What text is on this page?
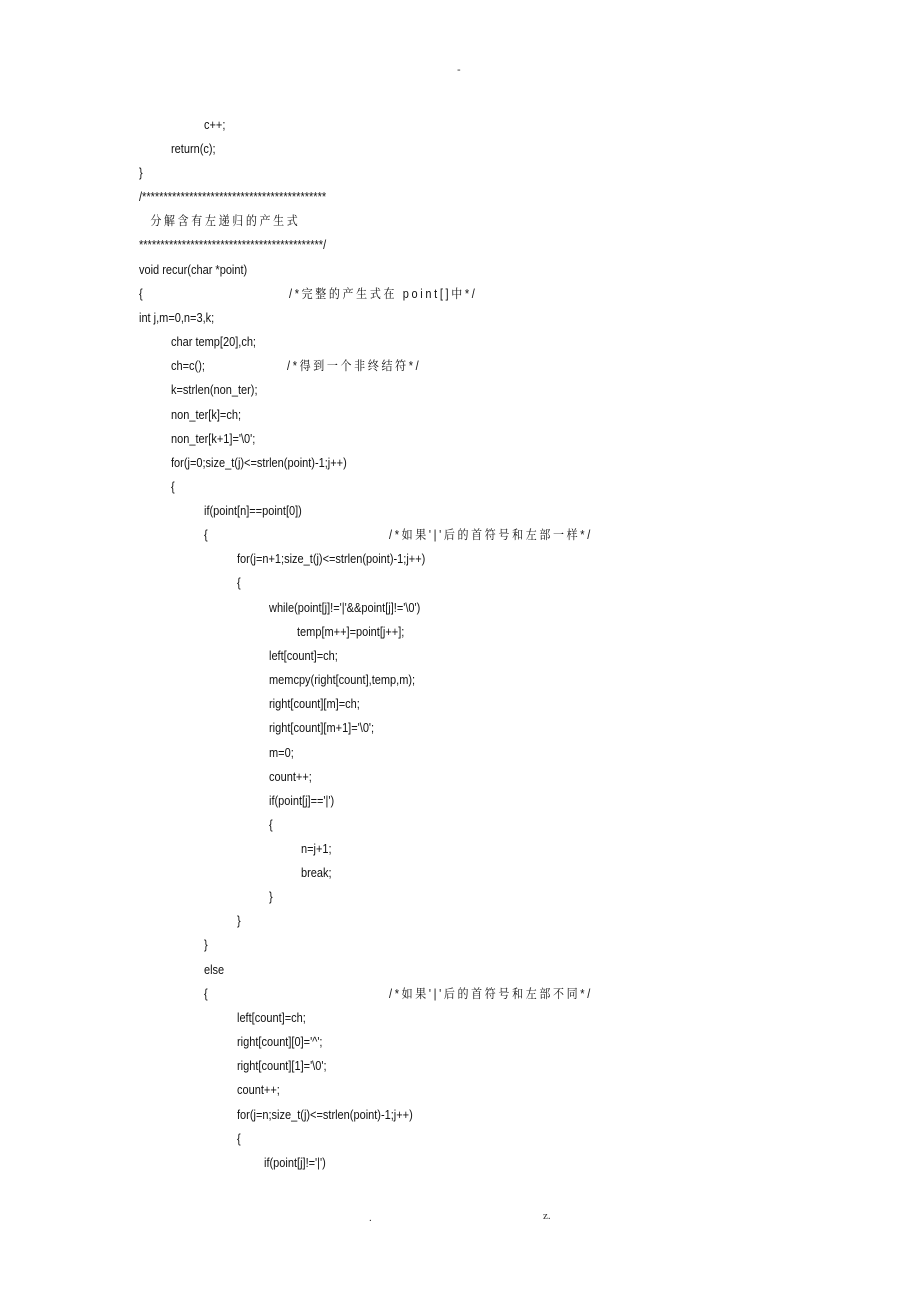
-
c++;
return(c);
}
/*******************************************
分解含有左递归的产生式
*******************************************/
void recur(char *point)
{
int j,m=0,n=3,k;
char temp[20],ch;
ch=c();
k=strlen(non_ter);
non_ter[k]=ch;
non_ter[k+1]='\0';
for(j=0;size_t(j)<=strlen(point)-1;j++)
{
if(point[n]==point[0])
{
for(j=n+1;size_t(j)<=strlen(point)-1;j++)
{
while(point[j]!='|'&&point[j]!='\0')
temp[m++]=point[j++];
left[count]=ch;
memcpy(right[count],temp,m);
right[count][m]=ch;
right[count][m+1]='\0';
m=0;
count++;
if(point[j]=='|')
{
n=j+1;
break;
}
}
}
else
{
left[count]=ch;
right[count][0]='^';
right[count][1]='\0';
count++;
for(j=n;size_t(j)<=strlen(point)-1;j++)
{
if(point[j]!='|')
/*完整的产生式在 point[]中*/
/*得到一个非终结符*/
/*如果'|'后的首符号和左部一样*/
/*如果'|'后的首符号和左部不同*/
.	z.
